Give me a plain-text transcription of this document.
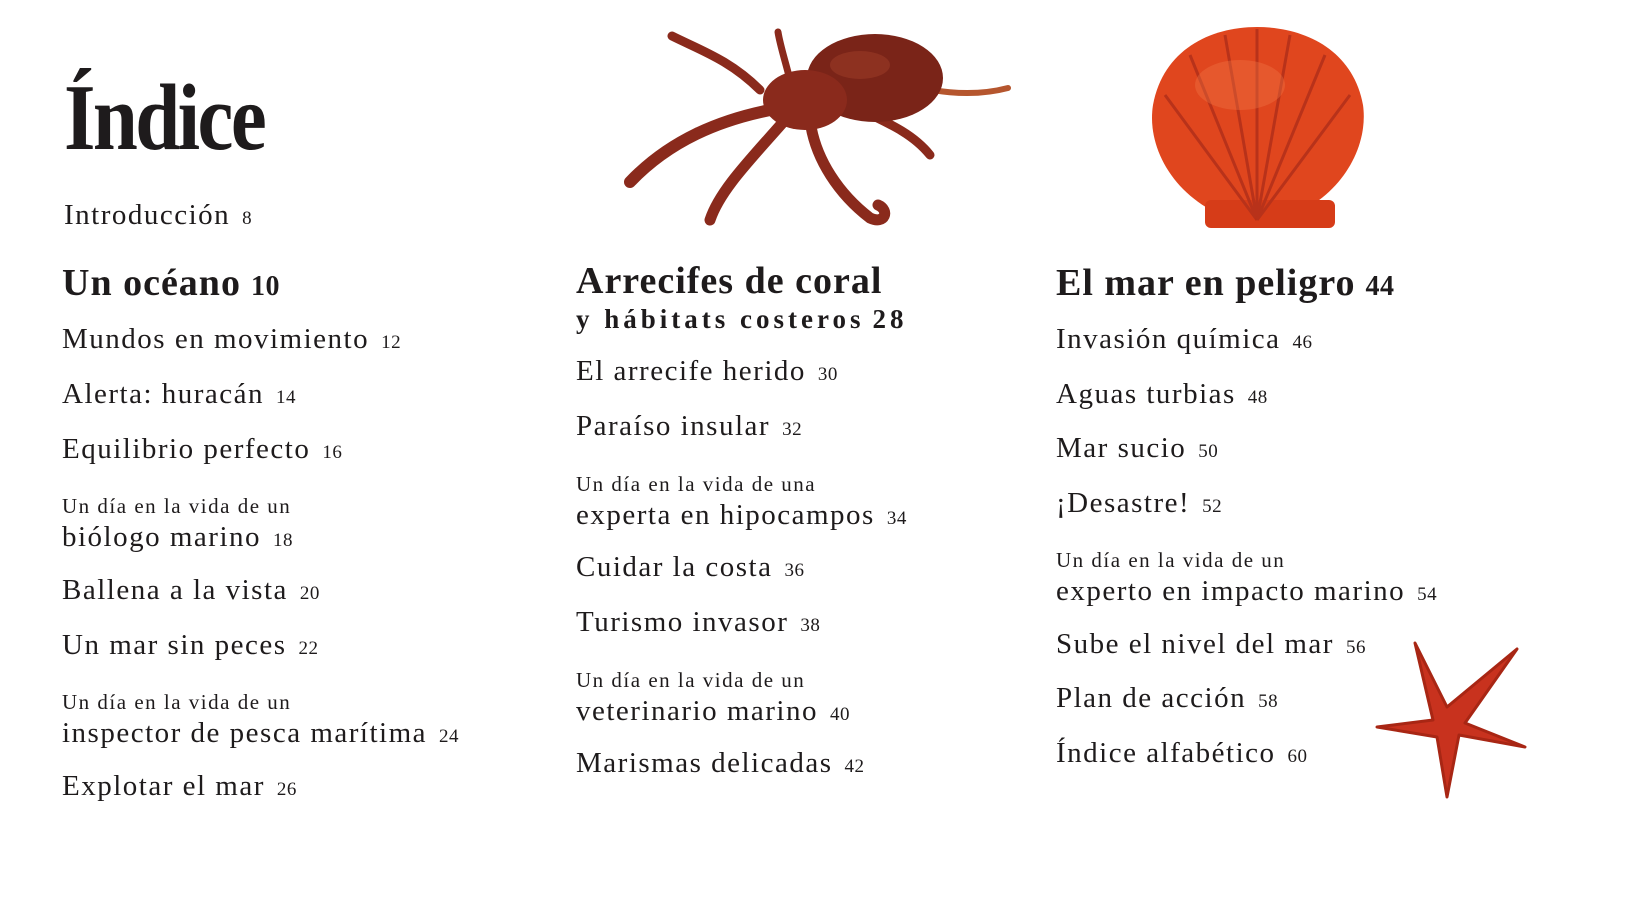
Índice
Introducción 8
Un océano 10
Mundos en movimiento 12
Alerta: huracán 14
Equilibrio perfecto 16
Un día en la vida de un
biólogo marino 18
Ballena a la vista 20
Un mar sin peces 22
Un día en la vida de un
inspector de pesca marítima 24
Explotar el mar 26
Arrecifes de coral
y hábitats costeros 28
El arrecife herido 30
Paraíso insular 32
Un día en la vida de una
experta en hipocampos 34
Cuidar la costa 36
Turismo invasor 38
Un día en la vida de un
veterinario marino 40
Marismas delicadas 42
El mar en peligro 44
Invasión química 46
Aguas turbias 48
Mar sucio 50
¡Desastre! 52
Un día en la vida de un
experto en impacto marino 54
Sube el nivel del mar 56
Plan de acción 58
Índice alfabético 60
